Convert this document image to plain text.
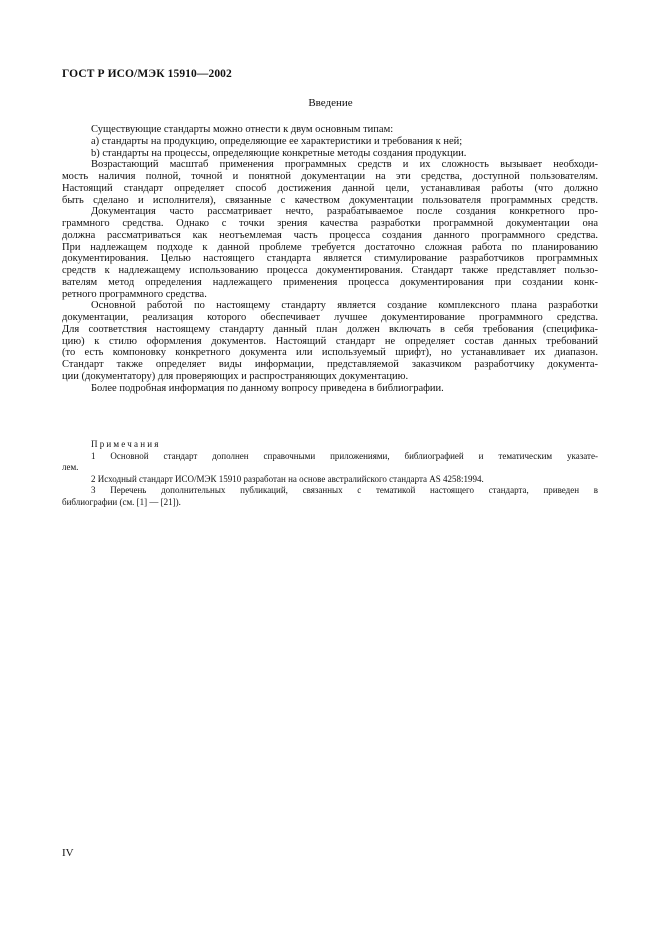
ГОСТ Р ИСО/МЭК 15910—2002
Введение
Существующие стандарты можно отнести к двум основным типам:
а) стандарты на продукцию, определяющие ее характеристики и требования к ней;
b) стандарты на процессы, определяющие конкретные методы создания продукции.
Возрастающий масштаб применения программных средств и их сложность вызывает необходи-
мость наличия полной, точной и понятной документации на эти средства, доступной пользователям.
Настоящий стандарт определяет способ достижения данной цели, устанавливая работы (что должно
быть сделано и исполнителя), связанные с качеством документации пользователя программных средств.
Документация часто рассматривает нечто, разрабатываемое после создания конкретного про-
граммного средства. Однако с точки зрения качества разработки программной документации она
должна рассматриваться как неотъемлемая часть процесса создания данного программного средства.
При надлежащем подходе к данной проблеме требуется достаточно сложная работа по планированию
документирования. Целью настоящего стандарта является стимулирование разработчиков программных
средств к надлежащему использованию процесса документирования. Стандарт также представляет пользо-
вателям метод определения надлежащего применения процесса документирования при создании конк-
ретного программного средства.
Основной работой по настоящему стандарту является создание комплексного плана разработки
документации, реализация которого обеспечивает лучшее документирование программного средства.
Для соответствия настоящему стандарту данный план должен включать в себя требования (специфика-
цию) к стилю оформления документов. Настоящий стандарт не определяет состав данных требований
(то есть компоновку конкретного документа или используемый шрифт), но устанавливает их диапазон.
Стандарт также определяет виды информации, представляемой заказчиком разработчику документа-
ции (документатору) для проверяющих и распространяющих документацию.
Более подробная информация по данному вопросу приведена в библиографии.
Примечания
1 Основной стандарт дополнен справочными приложениями, библиографией и тематическим указате-
лем.
2 Исходный стандарт ИСО/МЭК 15910 разработан на основе австралийского стандарта AS 4258:1994.
3 Перечень дополнительных публикаций, связанных с тематикой настоящего стандарта, приведен в
библиографии (см. [1] — [21]).
IV
